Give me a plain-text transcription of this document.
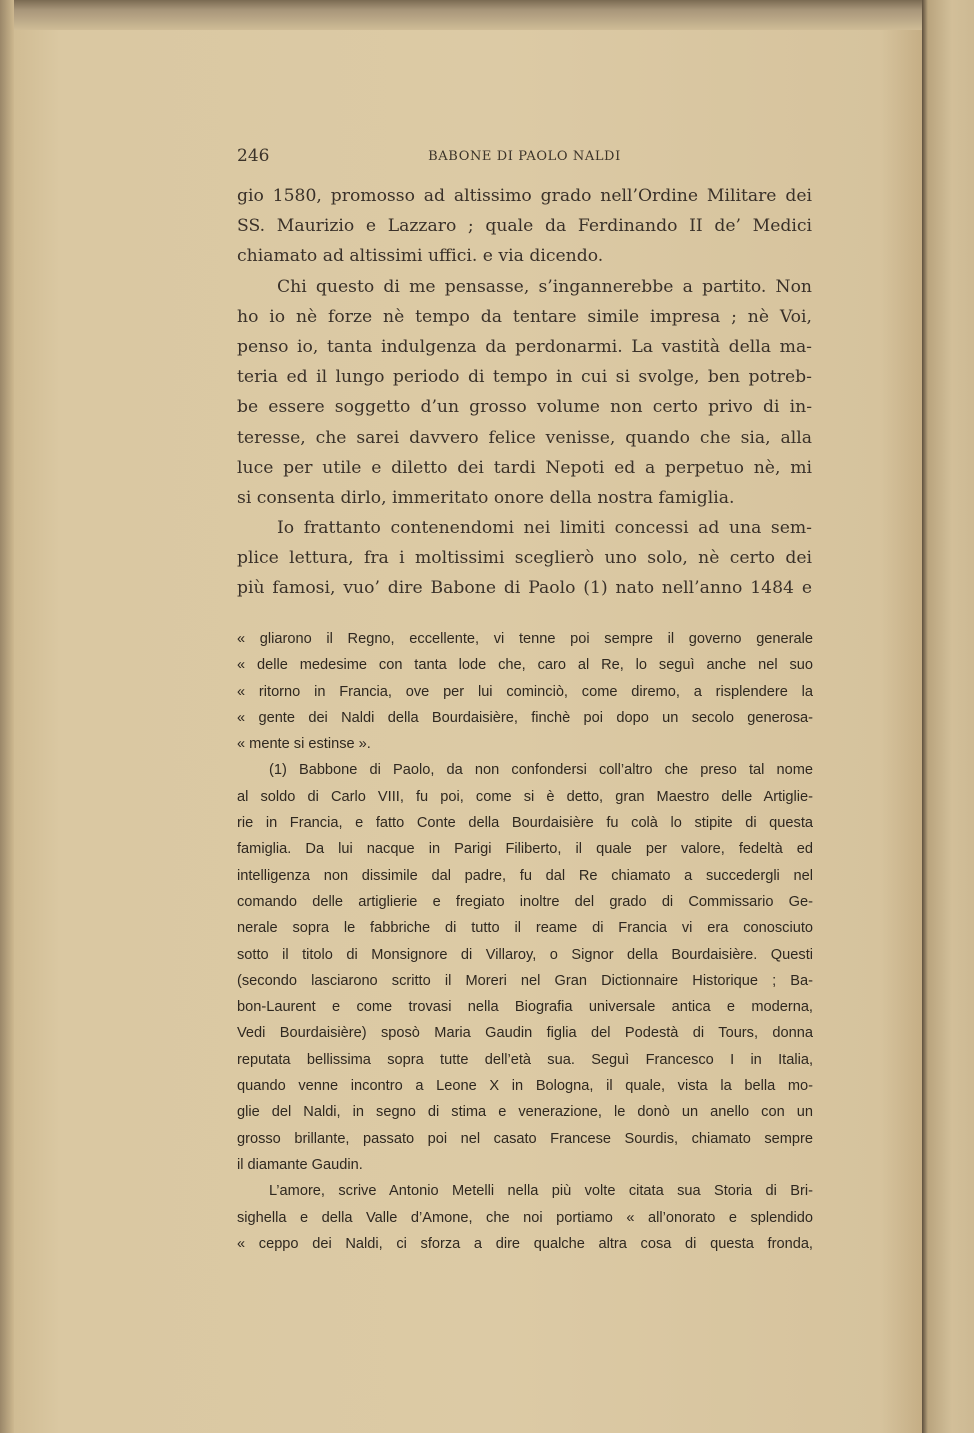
246	BABONE DI PAOLO NALDI
gio 1580, promosso ad altissimo grado nell’Ordine Militare dei
SS. Maurizio e Lazzaro ; quale da Ferdinando II de’ Medici
chiamato ad altissimi uffici. e via dicendo.
Chi questo di me pensasse, s’ingannerebbe a partito. Non
ho io nè forze nè tempo da tentare simile impresa ; nè Voi,
penso io, tanta indulgenza da perdonarmi. La vastità della ma-
teria ed il lungo periodo di tempo in cui si svolge, ben potreb-
be essere soggetto d’un grosso volume non certo privo di in-
teresse, che sarei davvero felice venisse, quando che sia, alla
luce per utile e diletto dei tardi Nepoti ed a perpetuo nè, mi
si consenta dirlo, immeritato onore della nostra famiglia.
Io frattanto contenendomi nei limiti concessi ad una sem-
plice lettura, fra i moltissimi sceglierò uno solo, nè certo dei
più famosi, vuo’ dire Babone di Paolo (1) nato nell’anno 1484 e
« gliarono il Regno, eccellente, vi tenne poi sempre il governo generale
« delle medesime con tanta lode che, caro al Re, lo seguì anche nel suo
« ritorno in Francia, ove per lui cominciò, come diremo, a risplendere la
« gente dei Naldi della Bourdaisière, finchè poi dopo un secolo generosa-
« mente si estinse ».
(1) Babbone di Paolo, da non confondersi coll’altro che preso tal nome
al soldo di Carlo VIII, fu poi, come si è detto, gran Maestro delle Artiglie-
rie in Francia, e fatto Conte della Bourdaisière fu colà lo stipite di questa
famiglia. Da lui nacque in Parigi Filiberto, il quale per valore, fedeltà ed
intelligenza non dissimile dal padre, fu dal Re chiamato a succedergli nel
comando delle artiglierie e fregiato inoltre del grado di Commissario Ge-
nerale sopra le fabbriche di tutto il reame di Francia vi era conosciuto
sotto il titolo di Monsignore di Villaroy, o Signor della Bourdaisière. Questi
(secondo lasciarono scritto il Moreri nel Gran Dictionnaire Historique ; Ba-
bon-Laurent e come trovasi nella Biografia universale antica e moderna,
Vedi Bourdaisière) sposò Maria Gaudin figlia del Podestà di Tours, donna
reputata bellissima sopra tutte dell’età sua. Seguì Francesco I in Italia,
quando venne incontro a Leone X in Bologna, il quale, vista la bella mo-
glie del Naldi, in segno di stima e venerazione, le donò un anello con un
grosso brillante, passato poi nel casato Francese Sourdis, chiamato sempre
il diamante Gaudin.
L’amore, scrive Antonio Metelli nella più volte citata sua Storia di Bri-
sighella e della Valle d’Amone, che noi portiamo « all’onorato e splendido
« ceppo dei Naldi, ci sforza a dire qualche altra cosa di questa fronda,
